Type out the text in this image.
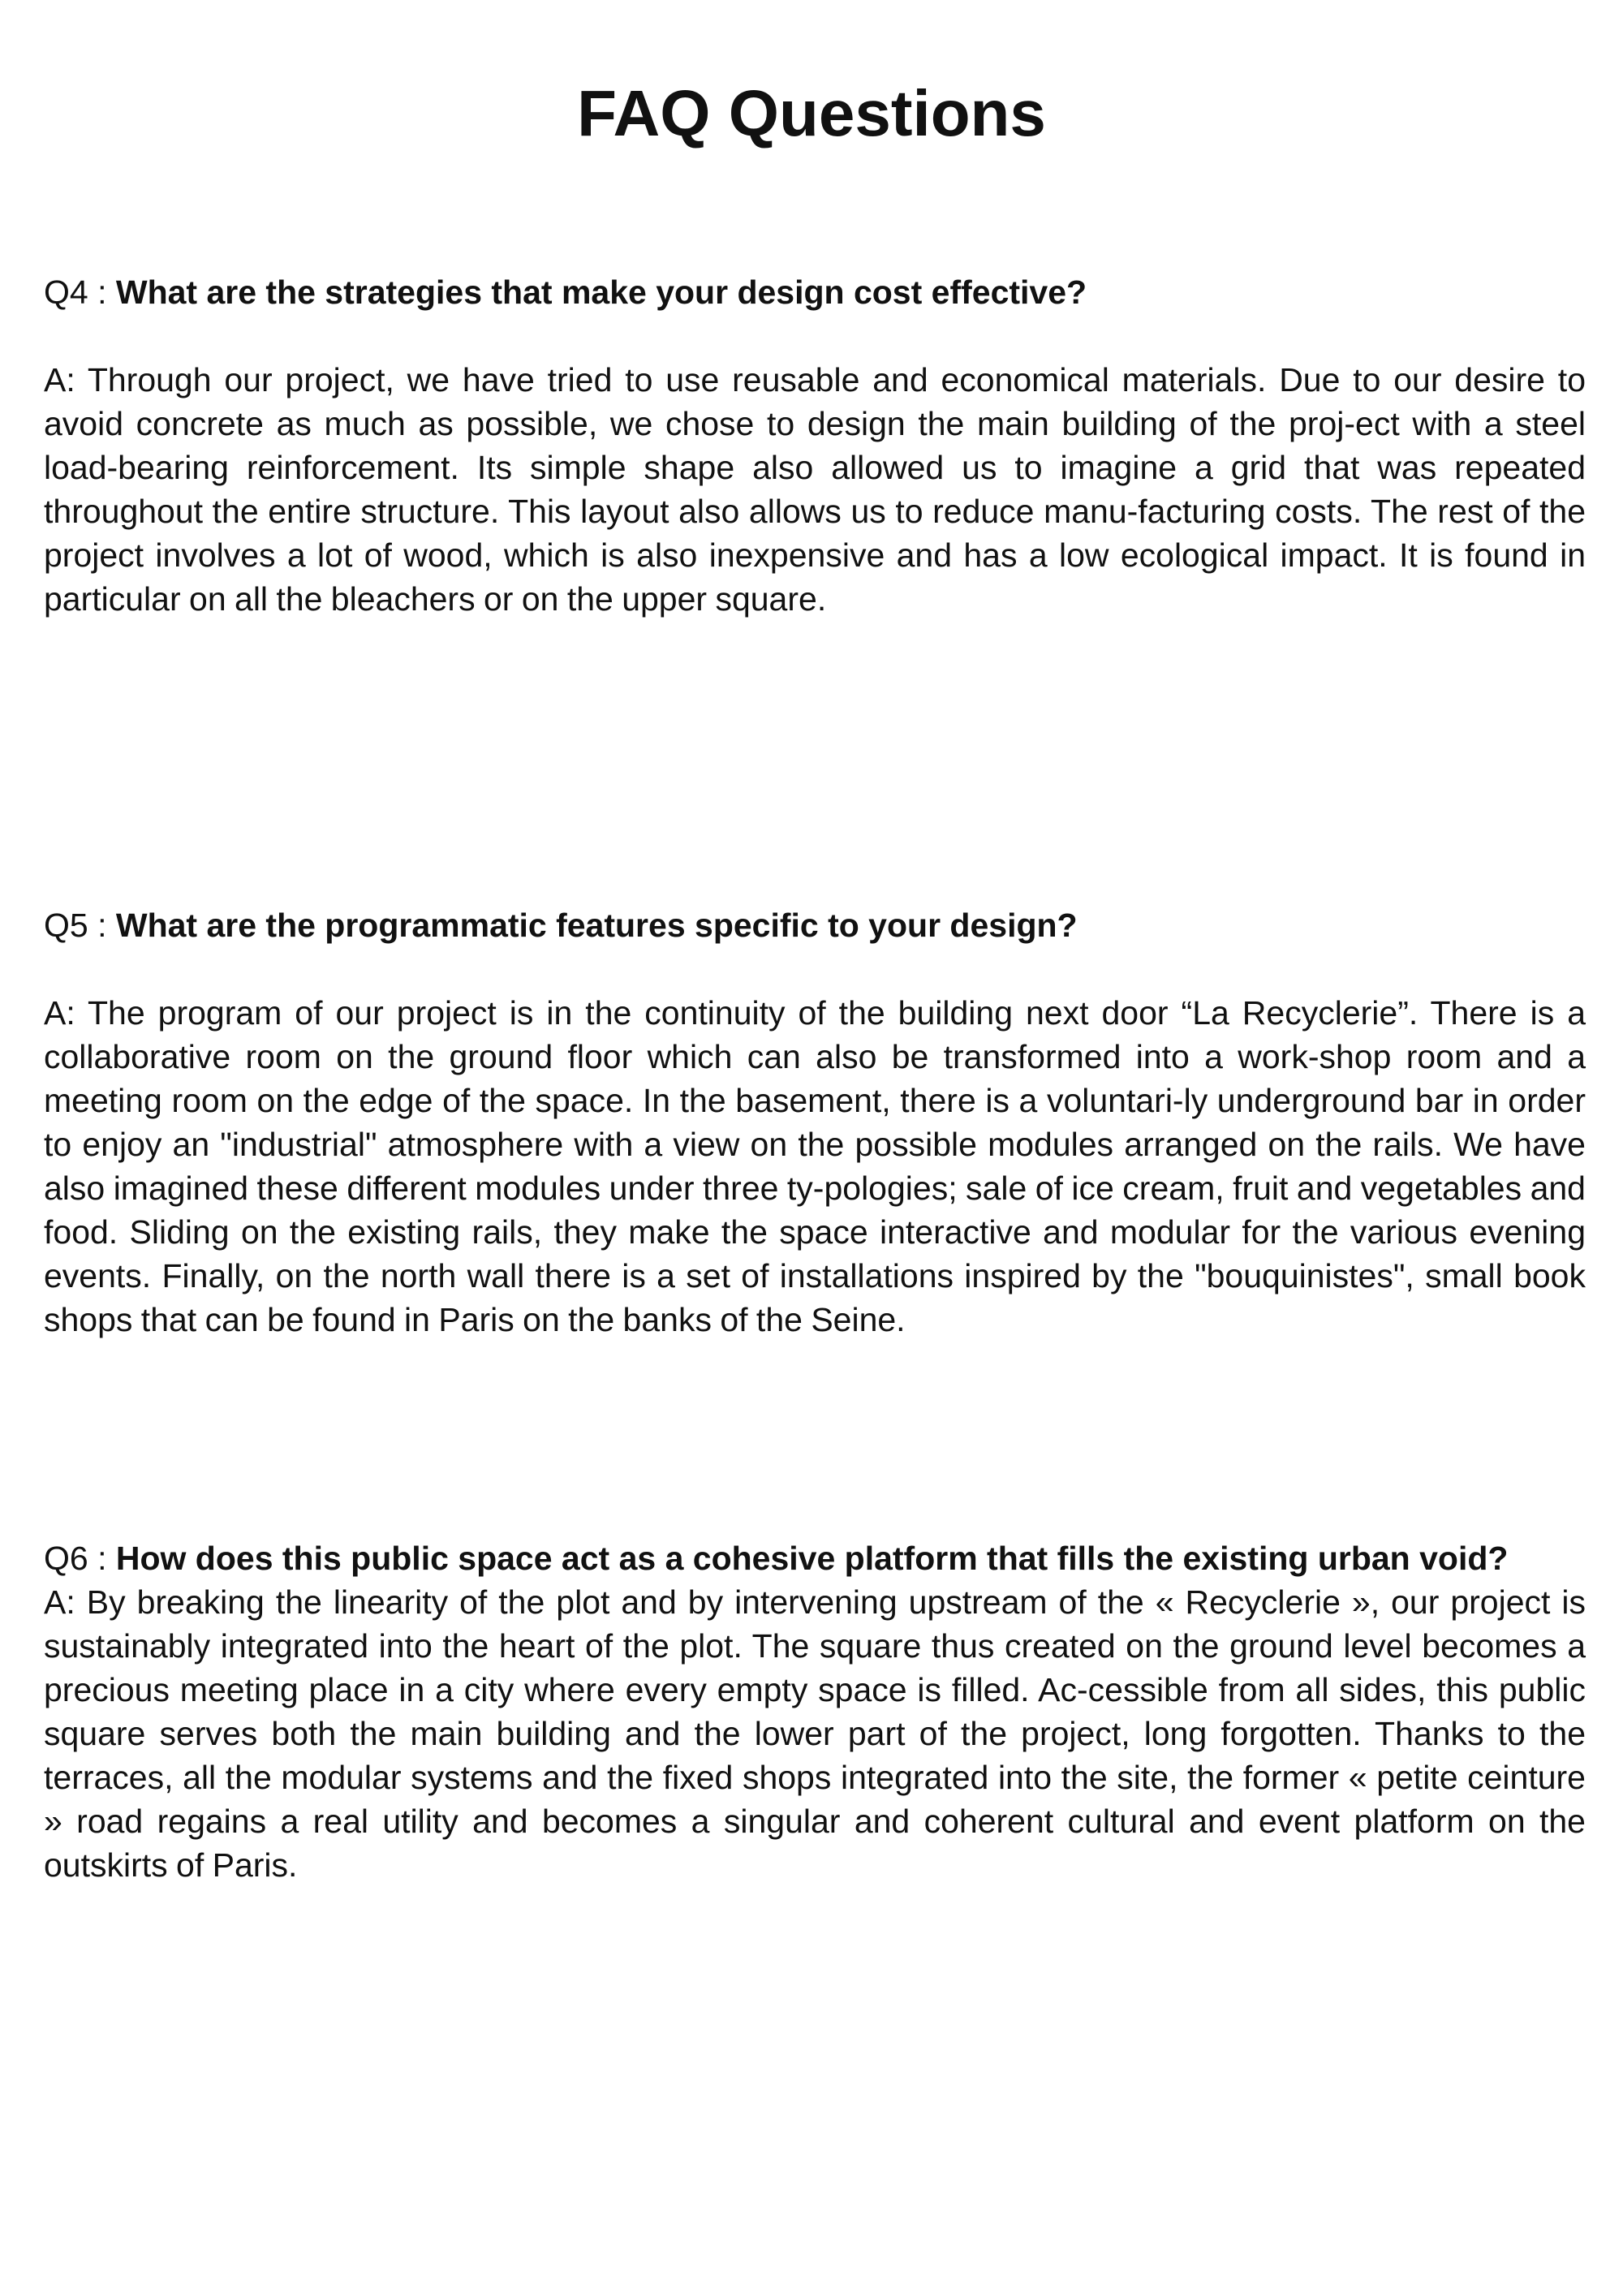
FAQ Questions

Q4 : What are the strategies that make your design cost effective?

A: Through our project, we have tried to use reusable and economical materials. Due to our desire to avoid concrete as much as possible, we chose to design the main building of the proj-ect with a steel load-bearing reinforcement. Its simple shape also allowed us to imagine a grid that was repeated throughout the entire structure. This layout also allows us to reduce manu-facturing costs. The rest of the project involves a lot of wood, which is also inexpensive and has a low ecological impact. It is found in particular on all the bleachers or on the upper square.

Q5 : What are the programmatic features specific to your design?

A: The program of our project is in the continuity of the building next door “La Recyclerie”. There is a collaborative room on the ground floor which can also be transformed into a work-shop room and a meeting room on the edge of the space. In the basement, there is a voluntari-ly underground bar in order to enjoy an "industrial" atmosphere with a view on the possible modules arranged on the rails. We have also imagined these different modules under three ty-pologies; sale of ice cream, fruit and vegetables and food. Sliding on the existing rails, they make the space interactive and modular for the various evening events. Finally, on the north wall there is a set of installations inspired by the "bouquinistes", small book shops that can be found in Paris on the banks of the Seine.

Q6 : How does this public space act as a cohesive platform that fills the existing urban void?

A: By breaking the linearity of the plot and by intervening upstream of the « Recyclerie », our project is sustainably integrated into the heart of the plot. The square thus created on the ground level becomes a precious meeting place in a city where every empty space is filled. Ac-cessible from all sides, this public square serves both the main building and the lower part of the project, long forgotten. Thanks to the terraces, all the modular systems and the fixed shops integrated into the site, the former « petite ceinture » road regains a real utility and becomes a singular and coherent cultural and event platform on the outskirts of Paris.
